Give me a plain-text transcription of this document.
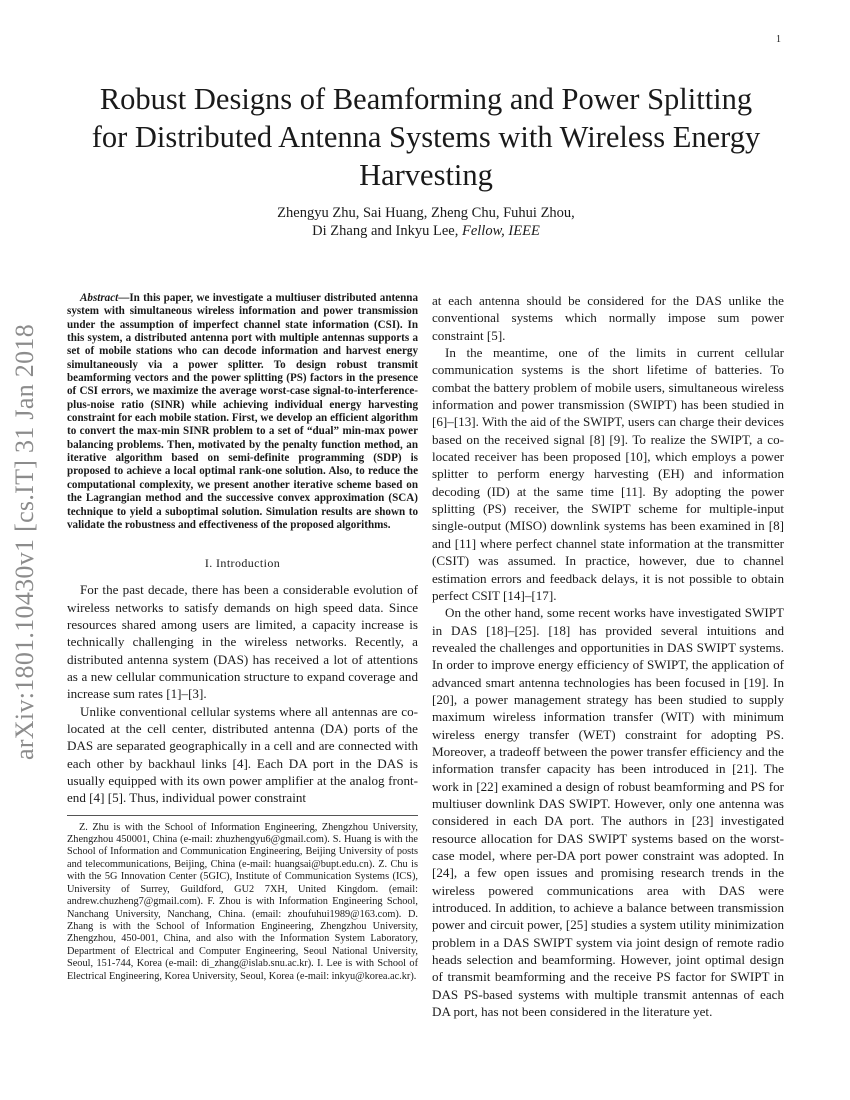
1
arXiv:1801.10430v1 [cs.IT] 31 Jan 2018
Robust Designs of Beamforming and Power Splitting for Distributed Antenna Systems with Wireless Energy Harvesting
Zhengyu Zhu, Sai Huang, Zheng Chu, Fuhui Zhou,
Di Zhang and Inkyu Lee, Fellow, IEEE

Abstract—In this paper, we investigate a multiuser distributed antenna system with simultaneous wireless information and power transmission under the assumption of imperfect channel state information (CSI). In this system, a distributed antenna port with multiple antennas supports a set of mobile stations who can decode information and harvest energy simultaneously via a power splitter. To design robust transmit beamforming vectors and the power splitting (PS) factors in the presence of CSI errors, we maximize the average worst-case signal-to-interference-plus-noise ratio (SINR) while achieving individual energy harvesting constraint for each mobile station. First, we develop an efficient algorithm to convert the max-min SINR problem to a set of “dual” min-max power balancing problems. Then, motivated by the penalty function method, an iterative algorithm based on semi-definite programming (SDP) is proposed to achieve a local optimal rank-one solution. Also, to reduce the computational complexity, we present another iterative scheme based on the Lagrangian method and the successive convex approximation (SCA) technique to yield a suboptimal solution. Simulation results are shown to validate the robustness and effectiveness of the proposed algorithms.

I. Introduction

For the past decade, there has been a considerable evolution of wireless networks to satisfy demands on high speed data. Since resources shared among users are limited, a capacity increase is technically challenging in the wireless networks. Recently, a distributed antenna system (DAS) has received a lot of attentions as a new cellular communication structure to expand coverage and increase sum rates [1]–[3].

Unlike conventional cellular systems where all antennas are co-located at the cell center, distributed antenna (DA) ports of the DAS are separated geographically in a cell and are connected with each other by backhaul links [4]. Each DA port in the DAS is usually equipped with its own power amplifier at the analog front-end [4] [5]. Thus, individual power constraint

Z. Zhu is with the School of Information Engineering, Zhengzhou University, Zhengzhou 450001, China (e-mail: zhuzhengyu6@gmail.com). S. Huang is with the School of Information and Communication Engineering, Beijing University of posts and telecommunications, Beijing, China (e-mail: huangsai@bupt.edu.cn). Z. Chu is with the 5G Innovation Center (5GIC), Institute of Communication Systems (ICS), University of Surrey, Guildford, GU2 7XH, United Kingdom. (email: andrew.chuzheng7@gmail.com). F. Zhou is with Information Engineering School, Nanchang University, Nanchang, China. (email: zhoufuhui1989@163.com). D. Zhang is with the School of Information Engineering, Zhengzhou University, Zhengzhou, 450-001, China, and also with the Information System Laboratory, Department of Electrical and Computer Engineering, Seoul National University, Seoul, 151-744, Korea (e-mail: di_zhang@islab.snu.ac.kr). I. Lee is with School of Electrical Engineering, Korea University, Seoul, Korea (e-mail: inkyu@korea.ac.kr).

at each antenna should be considered for the DAS unlike the conventional systems which normally impose sum power constraint [5].

In the meantime, one of the limits in current cellular communication systems is the short lifetime of batteries. To combat the battery problem of mobile users, simultaneous wireless information and power transmission (SWIPT) has been studied in [6]–[13]. With the aid of the SWIPT, users can charge their devices based on the received signal [8] [9]. To realize the SWIPT, a co-located receiver has been proposed [10], which employs a power splitter to perform energy harvesting (EH) and information decoding (ID) at the same time [11]. By adopting the power splitting (PS) receiver, the SWIPT scheme for multiple-input single-output (MISO) downlink systems has been examined in [8] and [11] where perfect channel state information at the transmitter (CSIT) was assumed. In practice, however, due to channel estimation errors and feedback delays, it is not possible to obtain perfect CSIT [14]–[17].

On the other hand, some recent works have investigated SWIPT in DAS [18]–[25]. [18] has provided several intuitions and revealed the challenges and opportunities in DAS SWIPT systems. In order to improve energy efficiency of SWIPT, the application of advanced smart antenna technologies has been focused in [19]. In [20], a power management strategy has been studied to supply maximum wireless information transfer (WIT) with minimum wireless energy transfer (WET) constraint for adopting PS. Moreover, a tradeoff between the power transfer efficiency and the information transfer capacity has been introduced in [21]. The work in [22] examined a design of robust beamforming and PS for multiuser downlink DAS SWIPT. However, only one antenna was considered in each DA port. The authors in [23] investigated resource allocation for DAS SWIPT systems based on the worst-case model, where per-DA port power constraint was adopted. In [24], a few open issues and promising research trends in the wireless powered communications area with DAS were introduced. In addition, to achieve a balance between transmission power and circuit power, [25] studies a system utility minimization problem in a DAS SWIPT system via joint design of remote radio heads selection and beamforming. However, joint optimal design of transmit beamforming and the receive PS factor for SWIPT in DAS PS-based systems with multiple transmit antennas of each DA port, has not been considered in the literature yet.
